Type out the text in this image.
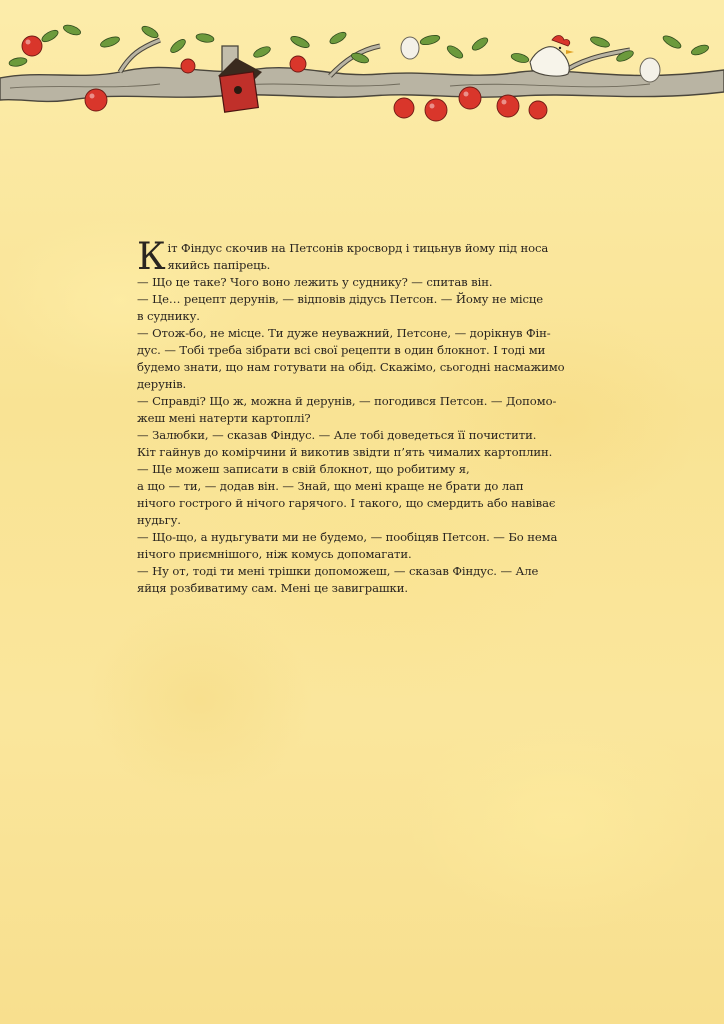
К іт Фіндус скочив на Петсонів кросворд і тицьнув йому під носа

якийсь папірець.

— Що це таке? Чого воно лежить у суднику? — спитав він.

— Це… рецепт дерунів, — відповів дідусь Петсон. — Йому не місце

в суднику.

— Отож-бо, не місце. Ти дуже неуважний, Петсоне, — дорікнув Фін-

дус. — Тобі треба зібрати всі свої рецепти в один блокнот. І тоді ми

будемо знати, що нам готувати на обід. Скажімо, сьогодні насмажимо

дерунів.

— Справді? Що ж, можна й дерунів, — погодився Петсон. — Допомо-

жеш мені натерти картоплі?

— Залюбки, — сказав Фіндус. — Але тобі доведеться її почистити.

Кіт гайнув до комірчини й викотив звідти п’ять чималих картоплин.

— Ще можеш записати в свій блокнот, що робитиму я,

а що — ти, — додав він. — Знай, що мені краще не брати до лап

нічого гострого й нічого гарячого. І такого, що смердить або навіває

нудьгу.

— Що-що, а нудьгувати ми не будемо, — пообіцяв Петсон. — Бо нема

нічого приємнішого, ніж комусь допомагати.

— Ну от, тоді ти мені трішки допоможеш, — сказав Фіндус. — Але

яйця розбиватиму сам. Мені це завиграшки.
